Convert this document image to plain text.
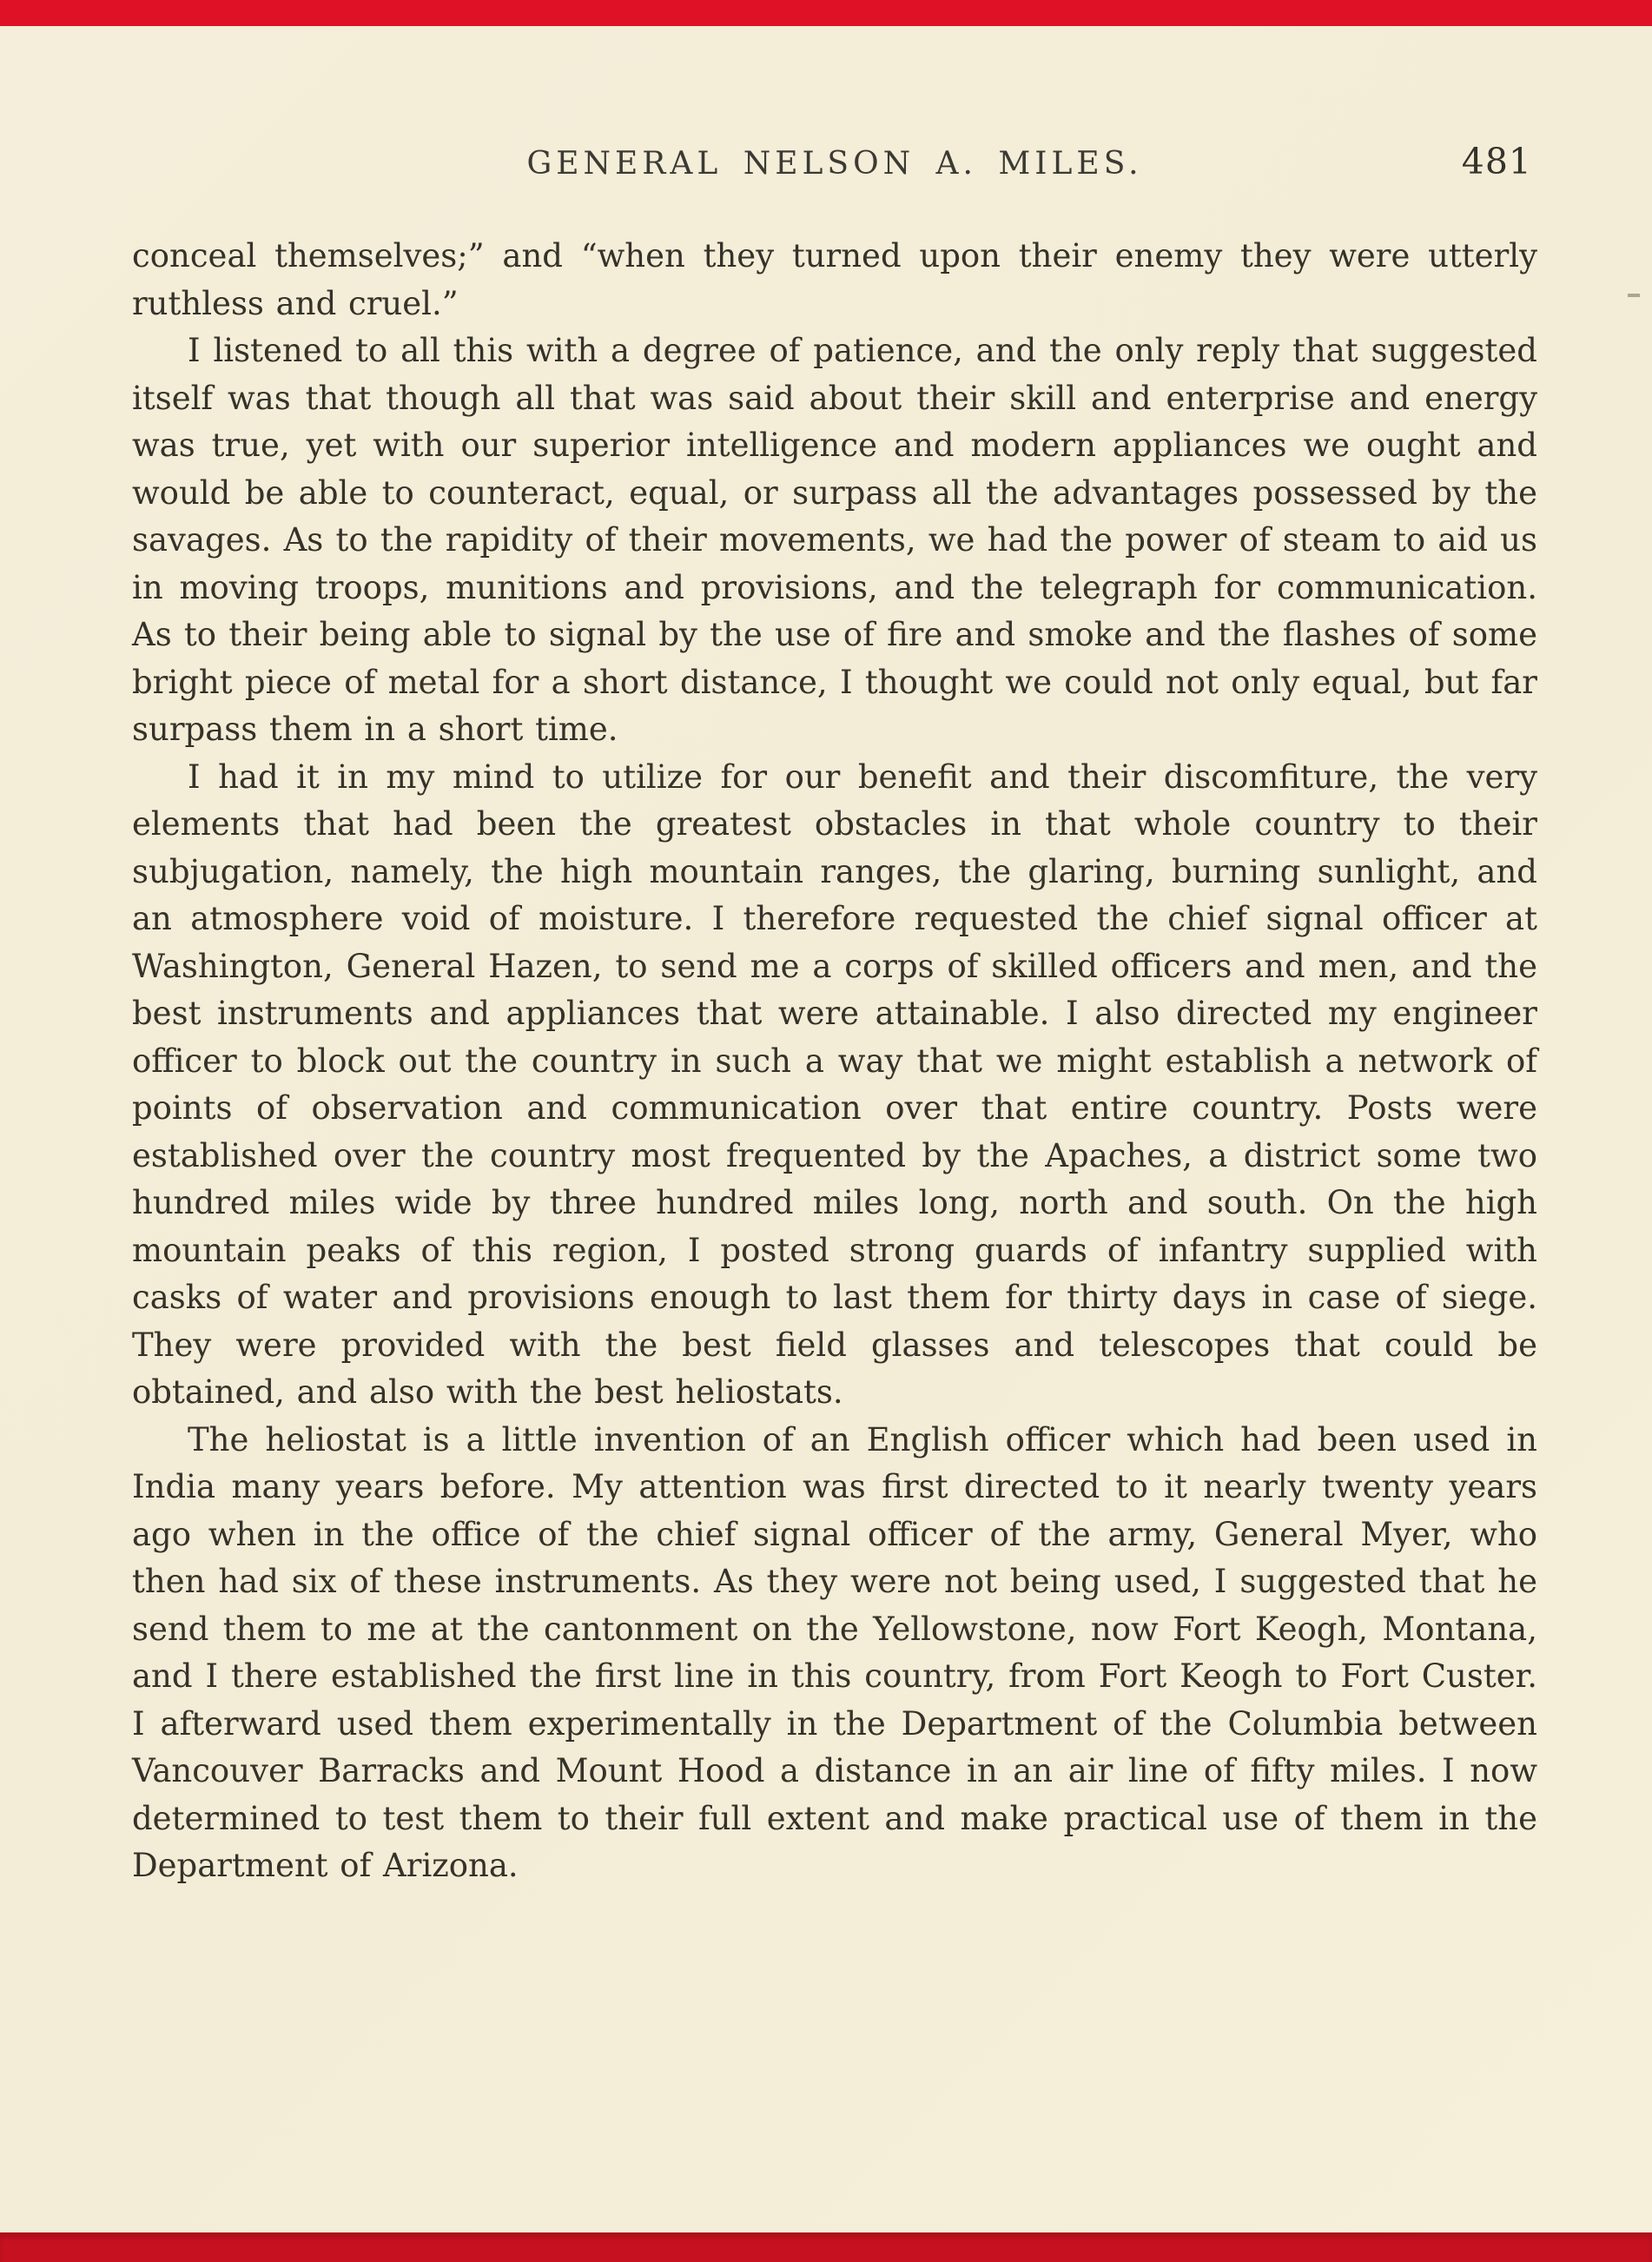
GENERAL NELSON A. MILES.	481

conceal themselves;” and “when they turned upon their enemy they were utterly ruthless and cruel.”

I listened to all this with a degree of patience, and the only reply that suggested itself was that though all that was said about their skill and enterprise and energy was true, yet with our superior intelligence and modern appliances we ought and would be able to counteract, equal, or surpass all the advantages possessed by the savages. As to the rapidity of their movements, we had the power of steam to aid us in moving troops, munitions and provisions, and the telegraph for communication. As to their being able to signal by the use of fire and smoke and the flashes of some bright piece of metal for a short distance, I thought we could not only equal, but far surpass them in a short time.

I had it in my mind to utilize for our benefit and their discomfiture, the very elements that had been the greatest obstacles in that whole country to their subjugation, namely, the high mountain ranges, the glaring, burning sunlight, and an atmosphere void of moisture. I therefore requested the chief signal officer at Washington, General Hazen, to send me a corps of skilled officers and men, and the best instruments and appliances that were attainable. I also directed my engineer officer to block out the country in such a way that we might establish a network of points of observation and communication over that entire country. Posts were established over the country most frequented by the Apaches, a district some two hundred miles wide by three hundred miles long, north and south. On the high mountain peaks of this region, I posted strong guards of infantry supplied with casks of water and provisions enough to last them for thirty days in case of siege. They were provided with the best field glasses and telescopes that could be obtained, and also with the best heliostats.

The heliostat is a little invention of an English officer which had been used in India many years before. My attention was first directed to it nearly twenty years ago when in the office of the chief signal officer of the army, General Myer, who then had six of these instruments. As they were not being used, I suggested that he send them to me at the cantonment on the Yellowstone, now Fort Keogh, Montana, and I there established the first line in this country, from Fort Keogh to Fort Custer. I afterward used them experimentally in the Department of the Columbia between Vancouver Barracks and Mount Hood a distance in an air line of fifty miles. I now determined to test them to their full extent and make practical use of them in the Department of Arizona.
